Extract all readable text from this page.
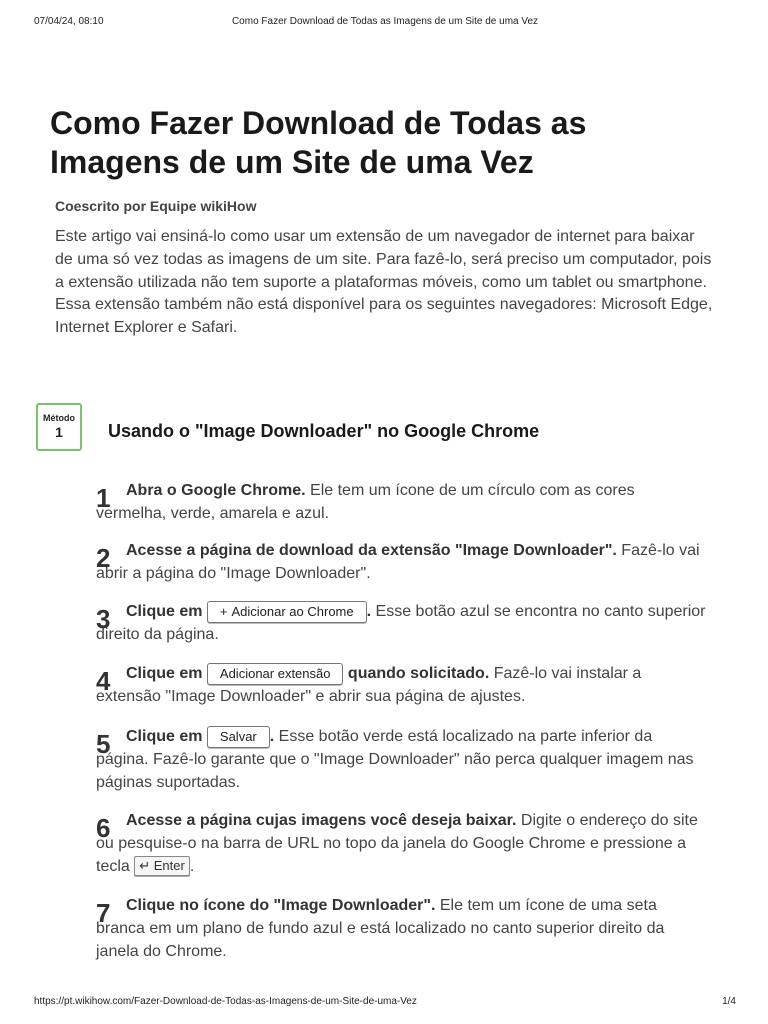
07/04/24, 08:10	Como Fazer Download de Todas as Imagens de um Site de uma Vez
Como Fazer Download de Todas as Imagens de um Site de uma Vez

Coescrito por Equipe wikiHow

Este artigo vai ensiná-lo como usar um extensão de um navegador de internet para baixar de uma só vez todas as imagens de um site. Para fazê-lo, será preciso um computador, pois a extensão utilizada não tem suporte a plataformas móveis, como um tablet ou smartphone. Essa extensão também não está disponível para os seguintes navegadores: Microsoft Edge, Internet Explorer e Safari.

Método
1	Usando o "Image Downloader" no Google Chrome
1 Abra o Google Chrome. Ele tem um ícone de um círculo com as cores vermelha, verde, amarela e azul.

2 Acesse a página de download da extensão "Image Downloader". Fazê-lo vai abrir a página do "Image Downloader".

3 Clique em + Adicionar ao Chrome . Esse botão azul se encontra no canto superior direito da página.

4 Clique em Adicionar extensão quando solicitado. Fazê-lo vai instalar a extensão "Image Downloader" e abrir sua página de ajustes.

5 Clique em Salvar . Esse botão verde está localizado na parte inferior da página. Fazê-lo garante que o "Image Downloader" não perca qualquer imagem nas páginas suportadas.

6 Acesse a página cujas imagens você deseja baixar. Digite o endereço do site ou pesquise-o na barra de URL no topo da janela do Google Chrome e pressione a tecla ↵ Enter .

7 Clique no ícone do "Image Downloader". Ele tem um ícone de uma seta branca em um plano de fundo azul e está localizado no canto superior direito da janela do Chrome.

https://pt.wikihow.com/Fazer-Download-de-Todas-as-Imagens-de-um-Site-de-uma-Vez	1/4
